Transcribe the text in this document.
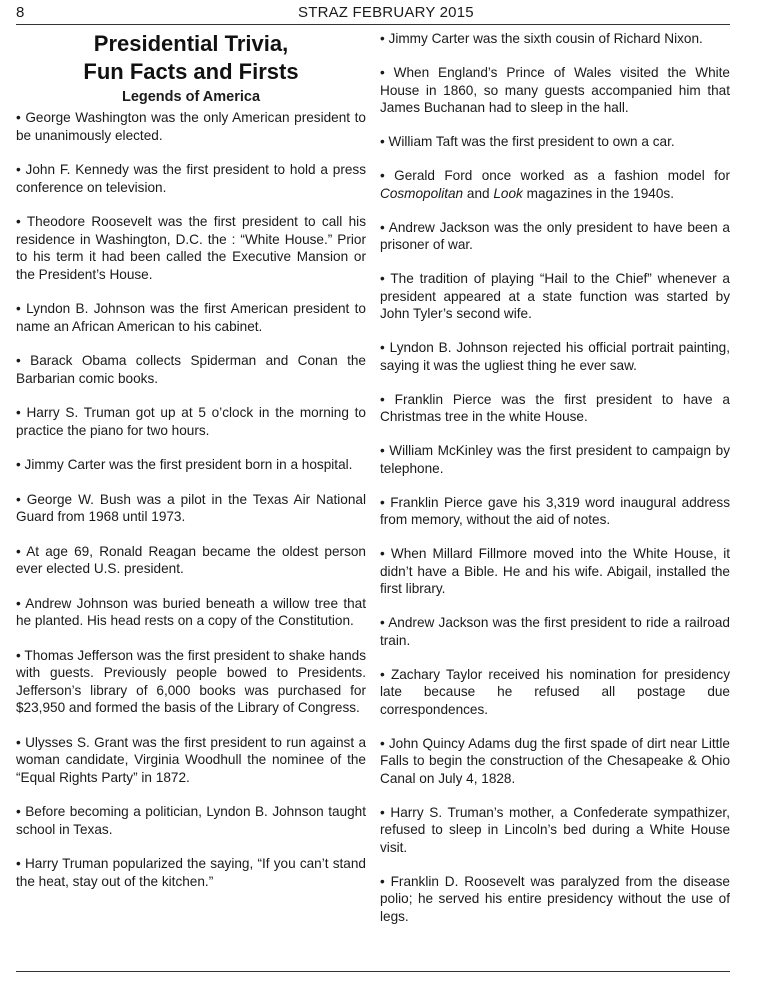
8	STRAZ FEBRUARY 2015
Presidential Trivia,
Fun Facts and Firsts
Legends of America

• George Washington was the only American president to be unanimously elected.

• John F. Kennedy was the first president to hold a press conference on television.

• Theodore Roosevelt was the first president to call his residence in Washington, D.C. the : “White House.” Prior to his term it had been called the Executive Mansion or the President’s House.

• Lyndon B. Johnson was the first American president to name an African American to his cabinet.

• Barack Obama collects Spiderman and Conan the Barbarian comic books.

• Harry S. Truman got up at 5 o’clock in the morning to practice the piano for two hours.

• Jimmy Carter was the first president born in a hospital.

• George W. Bush was a pilot in the Texas Air National Guard from 1968 until 1973.

• At age 69, Ronald Reagan became the oldest person ever elected U.S. president.

• Andrew Johnson was buried beneath a willow tree that he planted. His head rests on a copy of the Constitution.

• Thomas Jefferson was the first president to shake hands with guests. Previously people bowed to Presidents. Jefferson’s library of 6,000 books was purchased for $23,950 and formed the basis of the Library of Congress.

• Ulysses S. Grant was the first president to run against a woman candidate, Virginia Woodhull the nominee of the “Equal Rights Party” in 1872.

• Before becoming a politician, Lyndon B. Johnson taught school in Texas.

• Harry Truman popularized the saying, “If you can’t stand the heat, stay out of the kitchen.”

• Jimmy Carter was the sixth cousin of Richard Nixon.

• When England’s Prince of Wales visited the White House in 1860, so many guests accompanied him that James Buchanan had to sleep in the hall.

• William Taft was the first president to own a car.

• Gerald Ford once worked as a fashion model for Cosmopolitan and Look magazines in the 1940s.

• Andrew Jackson was the only president to have been a prisoner of war.

• The tradition of playing “Hail to the Chief” whenever a president appeared at a state function was started by John Tyler’s second wife.

• Lyndon B. Johnson rejected his official portrait painting, saying it was the ugliest thing he ever saw.

• Franklin Pierce was the first president to have a Christmas tree in the white House.

• William McKinley was the first president to campaign by telephone.

• Franklin Pierce gave his 3,319 word inaugural address from memory, without the aid of notes.

• When Millard Fillmore moved into the White House, it didn’t have a Bible. He and his wife. Abigail, installed the first library.

• Andrew Jackson was the first president to ride a railroad train.

• Zachary Taylor received his nomination for presidency late because he refused all postage due correspondences.

• John Quincy Adams dug the first spade of dirt near Little Falls to begin the construction of the Chesapeake & Ohio Canal on July 4, 1828.

• Harry S. Truman’s mother, a Confederate sympathizer, refused to sleep in Lincoln’s bed during a White House visit.

• Franklin D. Roosevelt was paralyzed from the disease polio; he served his entire presidency without the use of legs.
